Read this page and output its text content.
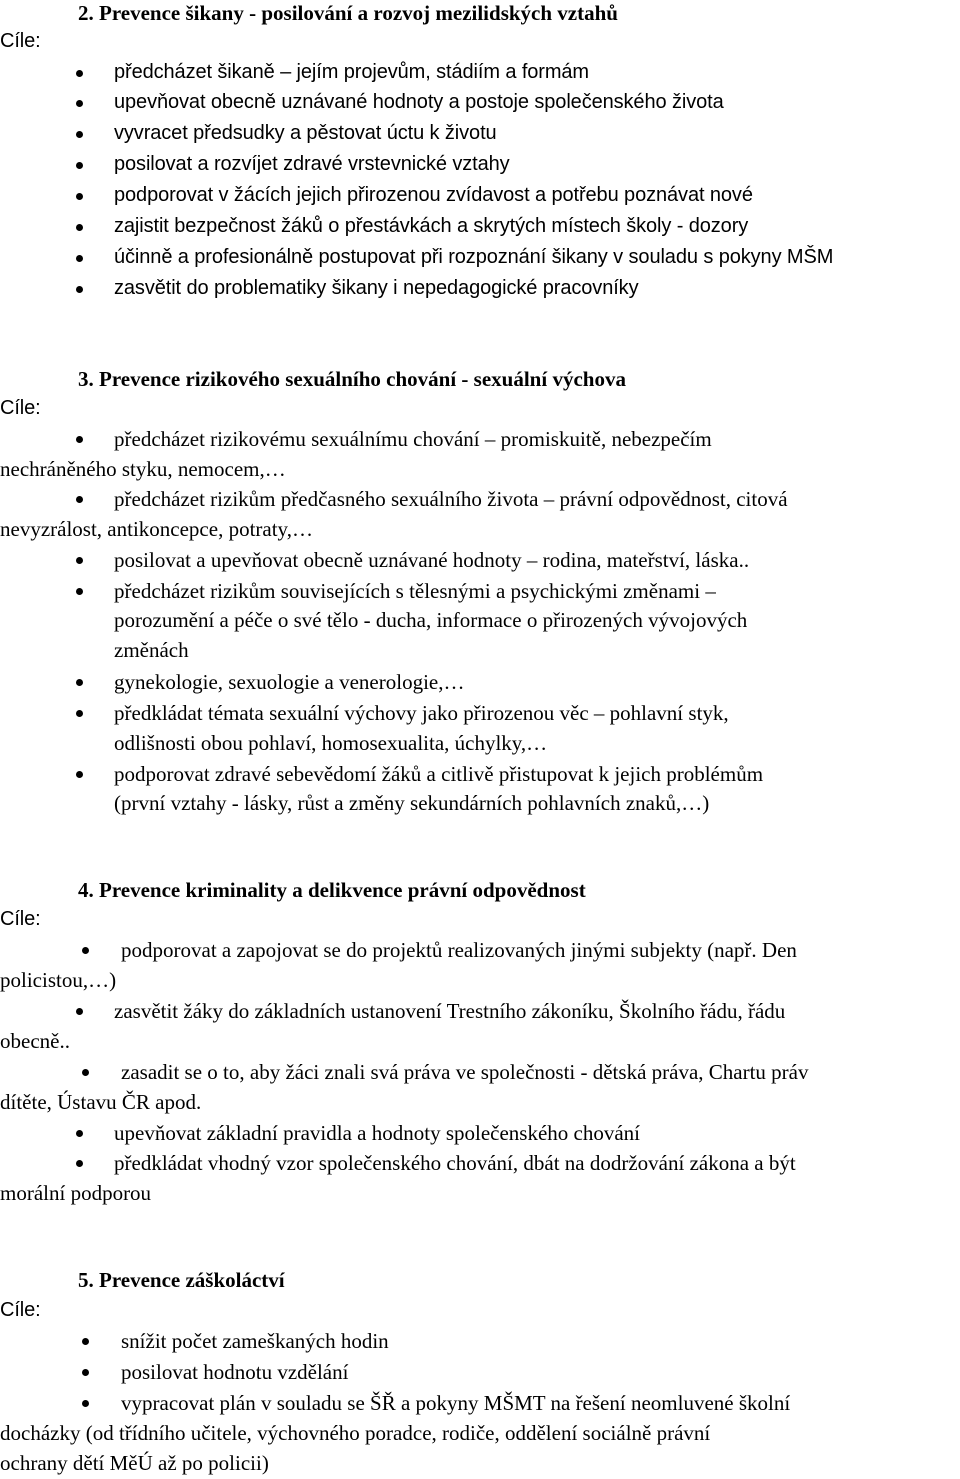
2. Prevence šikany - posilování a rozvoj mezilidských vztahů
Cíle:
předcházet šikaně – jejím projevům, stádiím a formám
upevňovat obecně uznávané hodnoty a postoje společenského života
vyvracet předsudky a pěstovat úctu k životu
posilovat a rozvíjet zdravé vrstevnické vztahy
podporovat v žácích jejich přirozenou zvídavost a potřebu poznávat nové
zajistit bezpečnost žáků o přestávkách a skrytých místech školy - dozory
účinně a profesionálně postupovat při rozpoznání šikany v souladu s pokyny MŠM
zasvětit do problematiky šikany i nepedagogické pracovníky
3. Prevence rizikového sexuálního chování - sexuální výchova
Cíle:
předcházet rizikovému sexuálnímu chování – promiskuitě, nebezpečím
nechráněného styku, nemocem,…
předcházet rizikům předčasného sexuálního života – právní odpovědnost, citová
nevyzrálost, antikoncepce, potraty,…
posilovat a upevňovat obecně uznávané hodnoty – rodina, mateřství, láska..
předcházet rizikům souvisejících s tělesnými a psychickými změnami –
porozumění a péče o své tělo - ducha, informace o přirozených vývojových
změnách
gynekologie, sexuologie a venerologie,…
předkládat témata sexuální výchovy jako přirozenou věc – pohlavní styk,
odlišnosti obou pohlaví, homosexualita, úchylky,…
podporovat zdravé sebevědomí žáků a citlivě přistupovat k jejich problémům
(první vztahy - lásky, růst a změny sekundárních pohlavních znaků,…)
4. Prevence kriminality a delikvence právní odpovědnost
Cíle:
podporovat a zapojovat se do projektů realizovaných jinými subjekty (např. Den
policistou,…)
zasvětit žáky do základních ustanovení Trestního zákoníku, Školního řádu, řádu
obecně..
zasadit se o to, aby žáci znali svá práva ve společnosti - dětská práva, Chartu práv
dítěte, Ústavu ČR apod.
upevňovat základní pravidla a hodnoty společenského chování
předkládat vhodný vzor společenského chování, dbát na dodržování zákona a být
morální podporou
5. Prevence záškoláctví
Cíle:
snížit počet zameškaných hodin
posilovat hodnotu vzdělání
vypracovat plán v souladu se ŠŘ a pokyny MŠMT na řešení neomluvené školní
docházky (od třídního učitele, výchovného poradce, rodiče, oddělení sociálně právní
ochrany dětí MěÚ až po policii)
